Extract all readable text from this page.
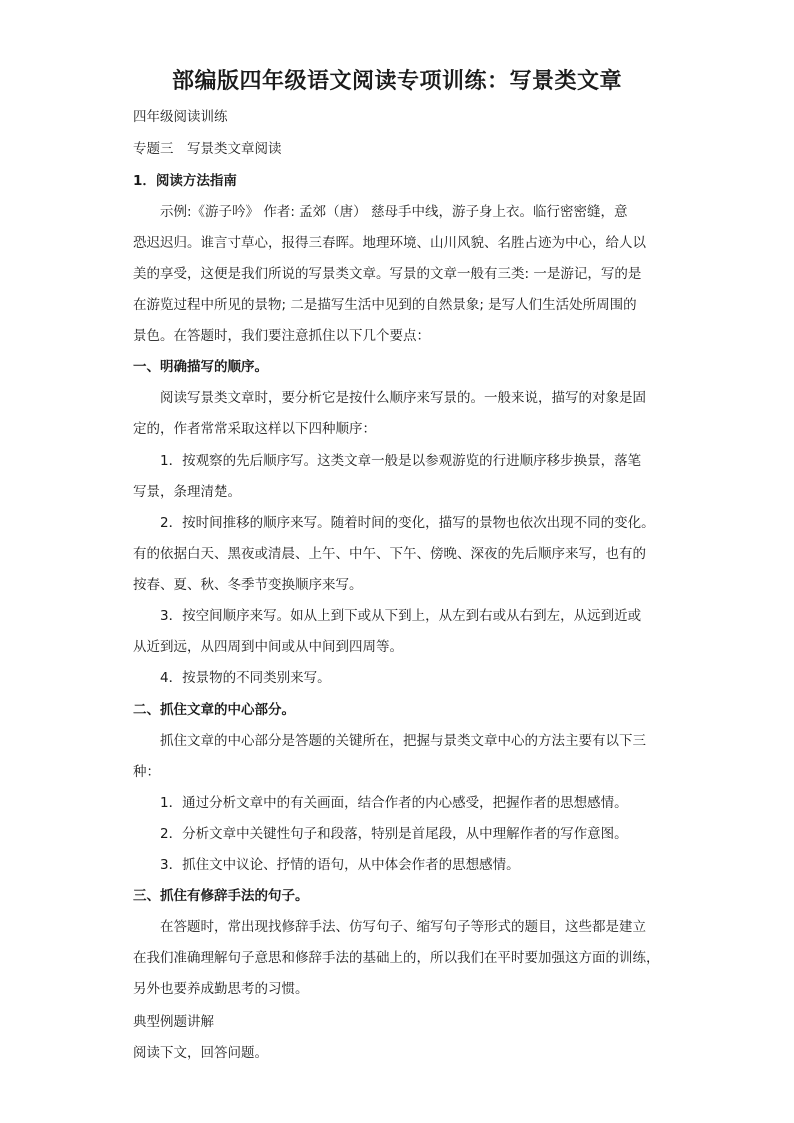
部编版四年级语文阅读专项训练：写景类文章
四年级阅读训练
专题三　写景类文章阅读
1．阅读方法指南
示例:《游子吟》 作者: 孟郊（唐） 慈母手中线，游子身上衣。临行密密缝，意
恐迟迟归。谁言寸草心，报得三春晖。地理环境、山川风貌、名胜占迹为中心，给人以
美的享受，这便是我们所说的写景类文章。写景的文章一般有三类: 一是游记，写的是
在游览过程中所见的景物; 二是描写生活中见到的自然景象; 是写人们生活处所周围的
景色。在答题时，我们要注意抓住以下几个要点：
一、明确描写的顺序。
阅读写景类文章时，要分析它是按什么顺序来写景的。一般来说，描写的对象是固
定的，作者常常采取这样以下四种顺序：
1．按观察的先后顺序写。这类文章一般是以参观游览的行进顺序移步换景，落笔
写景，条理清楚。
2．按时间推移的顺序来写。随着时间的变化，描写的景物也依次出现不同的变化。
有的依据白天、黑夜或清晨、上午、中午、下午、傍晚、深夜的先后顺序来写，也有的
按春、夏、秋、冬季节变换顺序来写。
3．按空间顺序来写。如从上到下或从下到上，从左到右或从右到左，从远到近或
从近到远，从四周到中间或从中间到四周等。
4．按景物的不同类别来写。
二、抓住文章的中心部分。
抓住文章的中心部分是答题的关键所在，把握与景类文章中心的方法主要有以下三
种：
1．通过分析文章中的有关画面，结合作者的内心感受，把握作者的思想感情。
2．分析文章中关键性句子和段落，特别是首尾段，从中理解作者的写作意图。
3．抓住文中议论、抒情的语句，从中体会作者的思想感情。
三、抓住有修辞手法的句子。
在答题时，常出现找修辞手法、仿写句子、缩写句子等形式的题目，这些都是建立
在我们准确理解句子意思和修辞手法的基础上的，所以我们在平时要加强这方面的训练，
另外也要养成勤思考的习惯。
典型例题讲解
阅读下文，回答问题。
